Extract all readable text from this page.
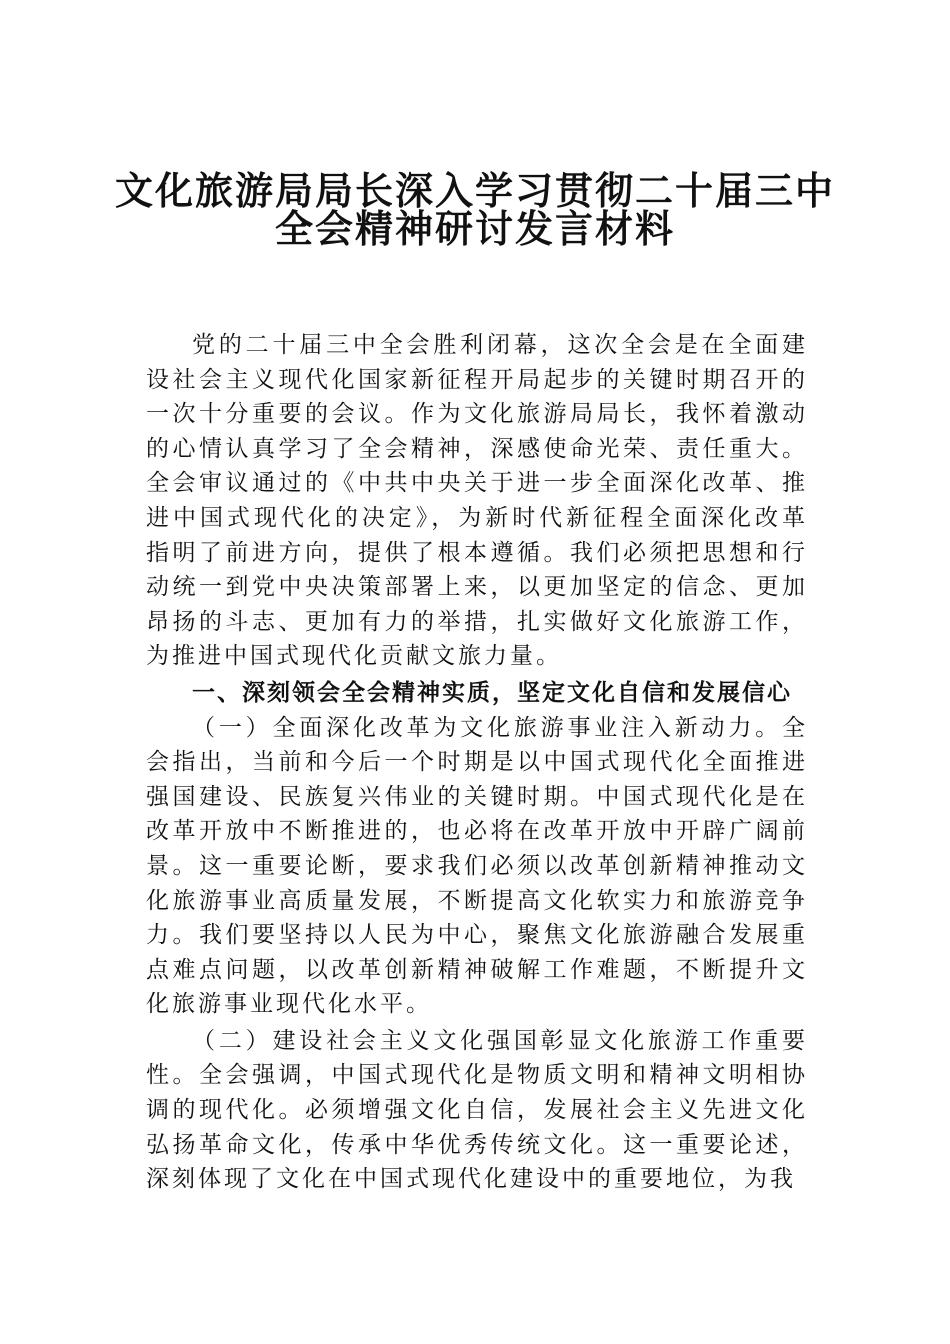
文化旅游局局长深入学习贯彻二十届三中
全会精神研讨发言材料

党的二十届三中全会胜利闭幕，这次全会是在全面建设社会主义现代化国家新征程开局起步的关键时期召开的一次十分重要的会议。作为文化旅游局局长，我怀着激动的心情认真学习了全会精神，深感使命光荣、责任重大。全会审议通过的《中共中央关于进一步全面深化改革、推进中国式现代化的决定》，为新时代新征程全面深化改革指明了前进方向，提供了根本遵循。我们必须把思想和行动统一到党中央决策部署上来，以更加坚定的信念、更加昂扬的斗志、更加有力的举措，扎实做好文化旅游工作，为推进中国式现代化贡献文旅力量。

一、深刻领会全会精神实质，坚定文化自信和发展信心

（一）全面深化改革为文化旅游事业注入新动力。全会指出，当前和今后一个时期是以中国式现代化全面推进强国建设、民族复兴伟业的关键时期。中国式现代化是在改革开放中不断推进的，也必将在改革开放中开辟广阔前景。这一重要论断，要求我们必须以改革创新精神推动文化旅游事业高质量发展，不断提高文化软实力和旅游竞争力。我们要坚持以人民为中心，聚焦文化旅游融合发展重点难点问题，以改革创新精神破解工作难题，不断提升文化旅游事业现代化水平。

（二）建设社会主义文化强国彰显文化旅游工作重要性。全会强调，中国式现代化是物质文明和精神文明相协调的现代化。必须增强文化自信，发展社会主义先进文化弘扬革命文化，传承中华优秀传统文化。这一重要论述，深刻体现了文化在中国式现代化建设中的重要地位，为我
